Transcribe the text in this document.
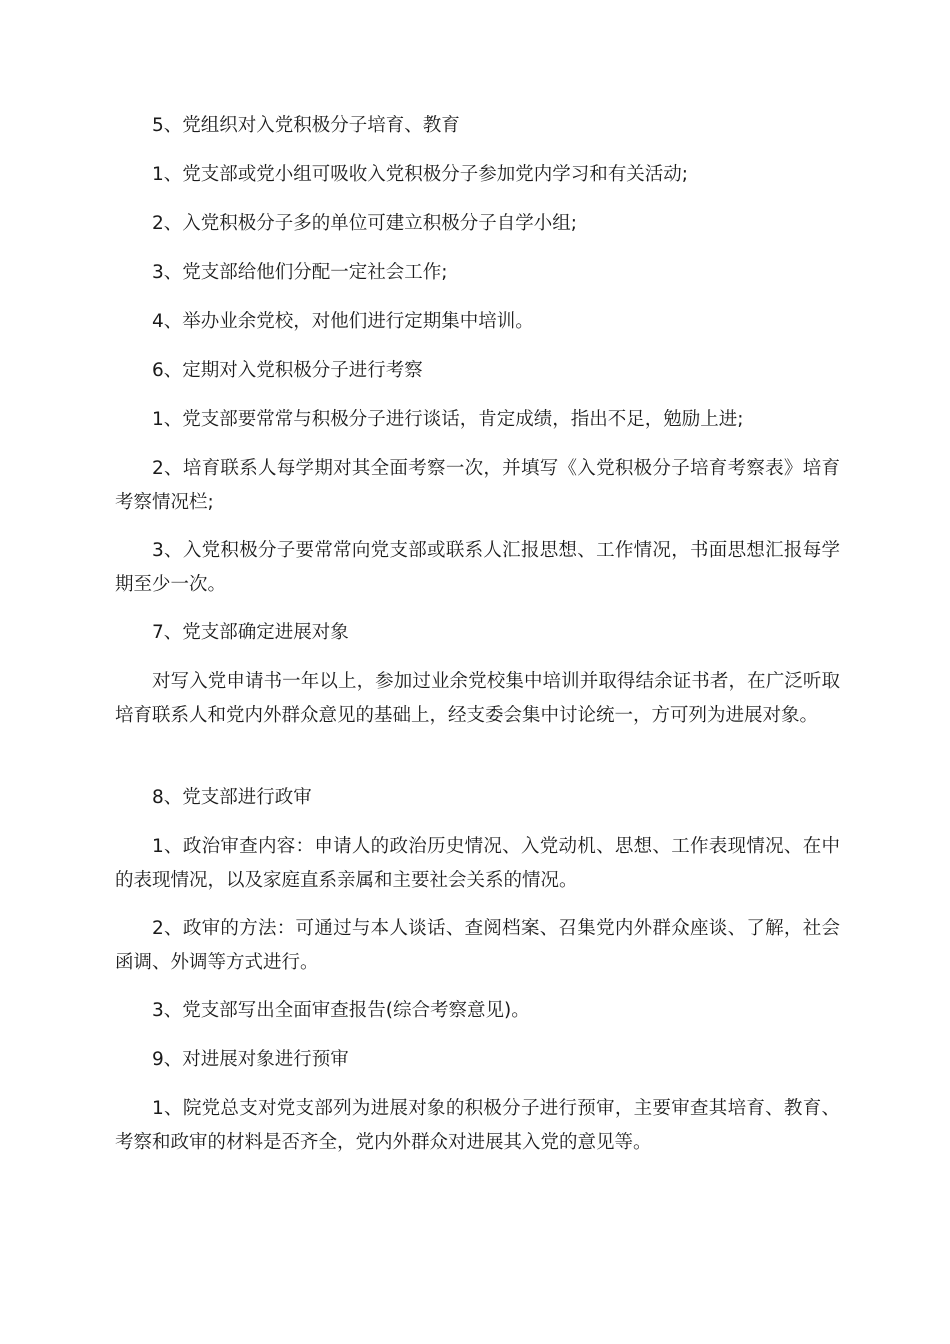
5、党组织对入党积极分子培育、教育

1、党支部或党小组可吸收入党积极分子参加党内学习和有关活动;

2、入党积极分子多的单位可建立积极分子自学小组;

3、党支部给他们分配一定社会工作;

4、举办业余党校，对他们进行定期集中培训。

6、定期对入党积极分子进行考察

1、党支部要常常与积极分子进行谈话，肯定成绩，指出不足，勉励上进;

2、培育联系人每学期对其全面考察一次，并填写《入党积极分子培育考察表》培育考察情况栏;

3、入党积极分子要常常向党支部或联系人汇报思想、工作情况，书面思想汇报每学期至少一次。

7、党支部确定进展对象

对写入党申请书一年以上，参加过业余党校集中培训并取得结余证书者，在广泛听取培育联系人和党内外群众意见的基础上，经支委会集中讨论统一，方可列为进展对象。

8、党支部进行政审

1、政治审查内容：申请人的政治历史情况、入党动机、思想、工作表现情况、在中的表现情况，以及家庭直系亲属和主要社会关系的情况。

2、政审的方法：可通过与本人谈话、查阅档案、召集党内外群众座谈、了解，社会函调、外调等方式进行。

3、党支部写出全面审查报告(综合考察意见)。

9、对进展对象进行预审

1、院党总支对党支部列为进展对象的积极分子进行预审，主要审查其培育、教育、考察和政审的材料是否齐全，党内外群众对进展其入党的意见等。
